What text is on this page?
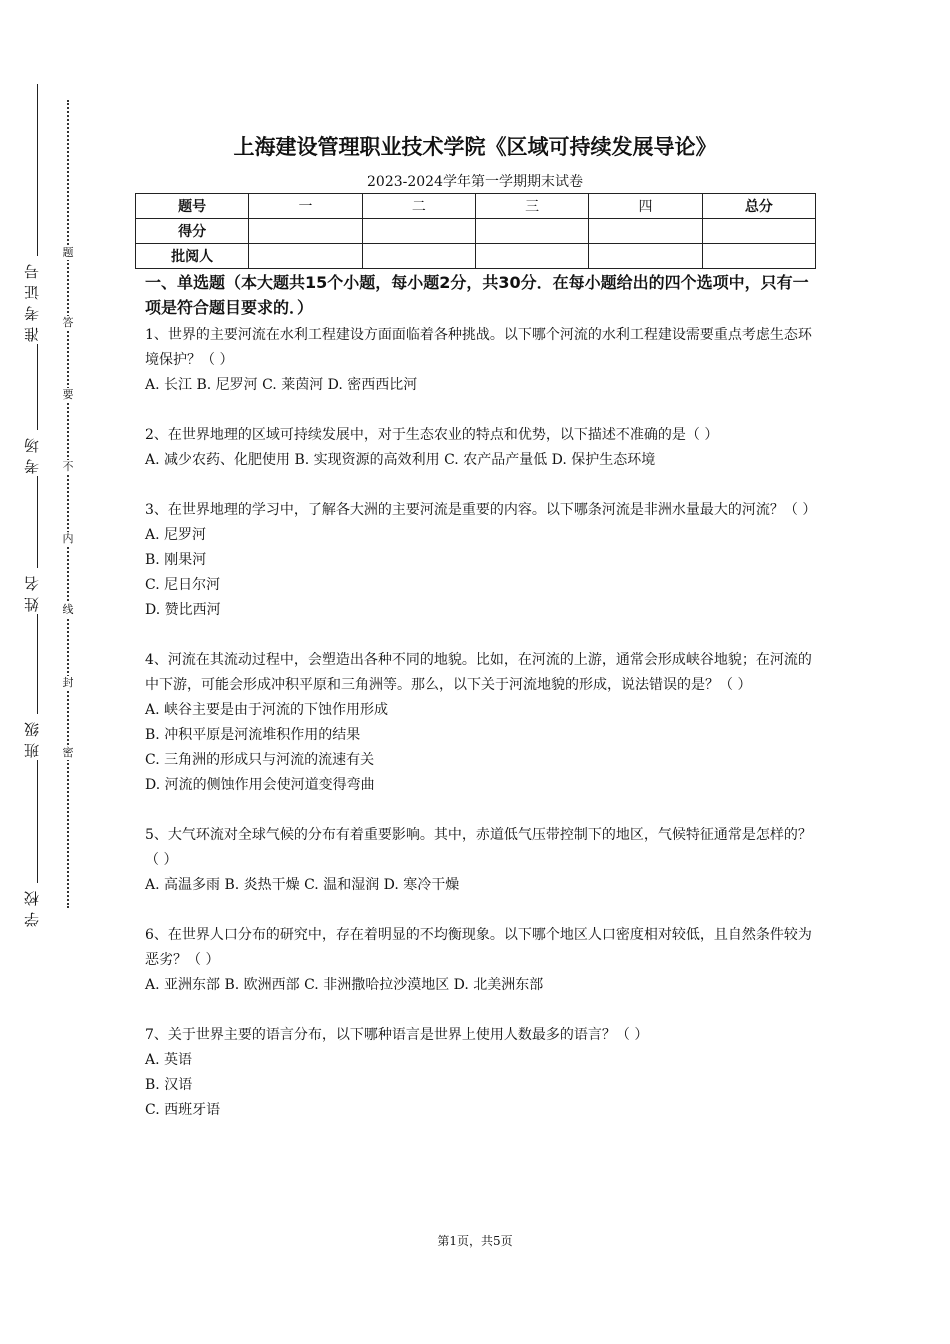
准考证号
考场
姓名
班级
学校
题
答
要
不
内
线
封
密
上海建设管理职业技术学院《区域可持续发展导论》
2023-2024学年第一学期期末试卷
题号	一	二	三	四	总分
得分					
批阅人					
一、单选题（本大题共15个小题，每小题2分，共30分．在每小题给出的四个选项中，只有一项是符合题目要求的．）
1、世界的主要河流在水利工程建设方面面临着各种挑战。以下哪个河流的水利工程建设需要重点考虑生态环境保护？（ ）
A. 长江 B. 尼罗河 C. 莱茵河 D. 密西西比河
2、在世界地理的区域可持续发展中，对于生态农业的特点和优势，以下描述不准确的是（ ）
A. 减少农药、化肥使用 B. 实现资源的高效利用 C. 农产品产量低 D. 保护生态环境
3、在世界地理的学习中，了解各大洲的主要河流是重要的内容。以下哪条河流是非洲水量最大的河流？（ ）
A. 尼罗河
B. 刚果河
C. 尼日尔河
D. 赞比西河
4、河流在其流动过程中，会塑造出各种不同的地貌。比如，在河流的上游，通常会形成峡谷地貌；在河流的中下游，可能会形成冲积平原和三角洲等。那么，以下关于河流地貌的形成，说法错误的是？（ ）
A. 峡谷主要是由于河流的下蚀作用形成
B. 冲积平原是河流堆积作用的结果
C. 三角洲的形成只与河流的流速有关
D. 河流的侧蚀作用会使河道变得弯曲
5、大气环流对全球气候的分布有着重要影响。其中，赤道低气压带控制下的地区，气候特征通常是怎样的？（ ）
A. 高温多雨 B. 炎热干燥 C. 温和湿润 D. 寒冷干燥
6、在世界人口分布的研究中，存在着明显的不均衡现象。以下哪个地区人口密度相对较低，且自然条件较为恶劣？（ ）
A. 亚洲东部 B. 欧洲西部 C. 非洲撒哈拉沙漠地区 D. 北美洲东部
7、关于世界主要的语言分布，以下哪种语言是世界上使用人数最多的语言？（ ）
A. 英语
B. 汉语
C. 西班牙语
第1页，共5页
